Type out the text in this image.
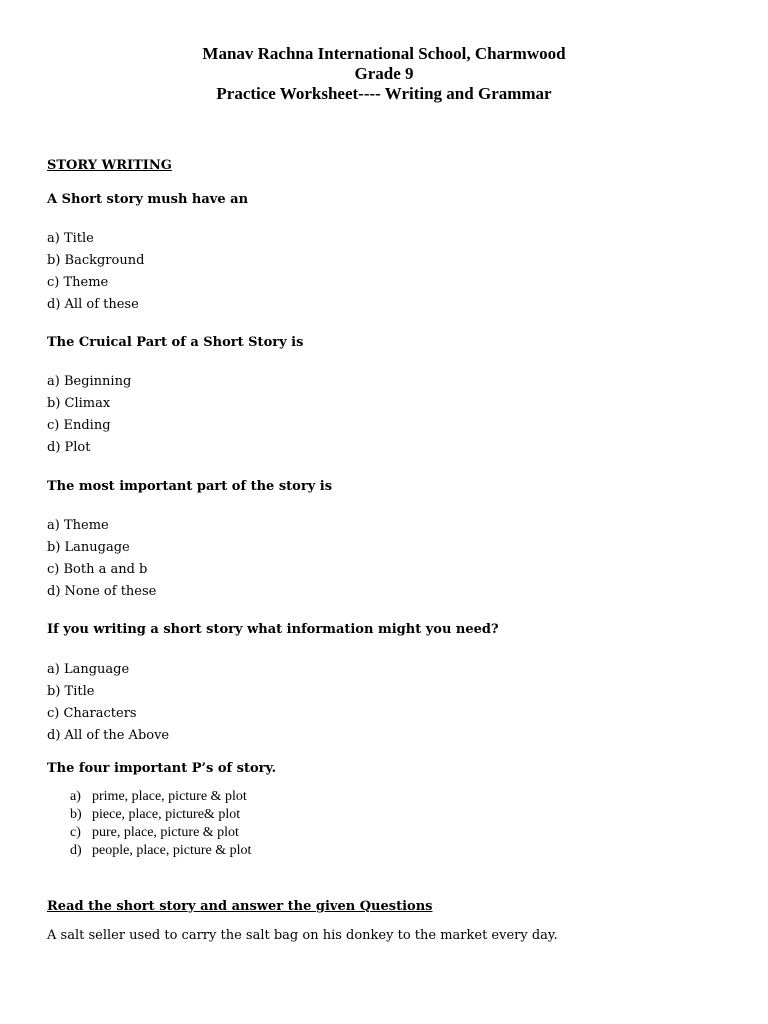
Manav Rachna International School, Charmwood
Grade 9
Practice Worksheet---- Writing and Grammar
STORY WRITING
A Short story mush have an
a) Title
b) Background
c) Theme
d) All of these
The Cruical Part of a Short Story is
a) Beginning
b) Climax
c) Ending
d) Plot
The most important part of the story is
a) Theme
b) Lanugage
c) Both a and b
d) None of these
If you writing a short story what information might you need?
a) Language
b) Title
c) Characters
d) All of the Above
The four important P’s of story.
a) prime, place, picture & plot
b) piece, place, picture& plot
c) pure, place, picture & plot
d) people, place, picture & plot
Read the short story and answer the given Questions
A salt seller used to carry the salt bag on his donkey to the market every day.
